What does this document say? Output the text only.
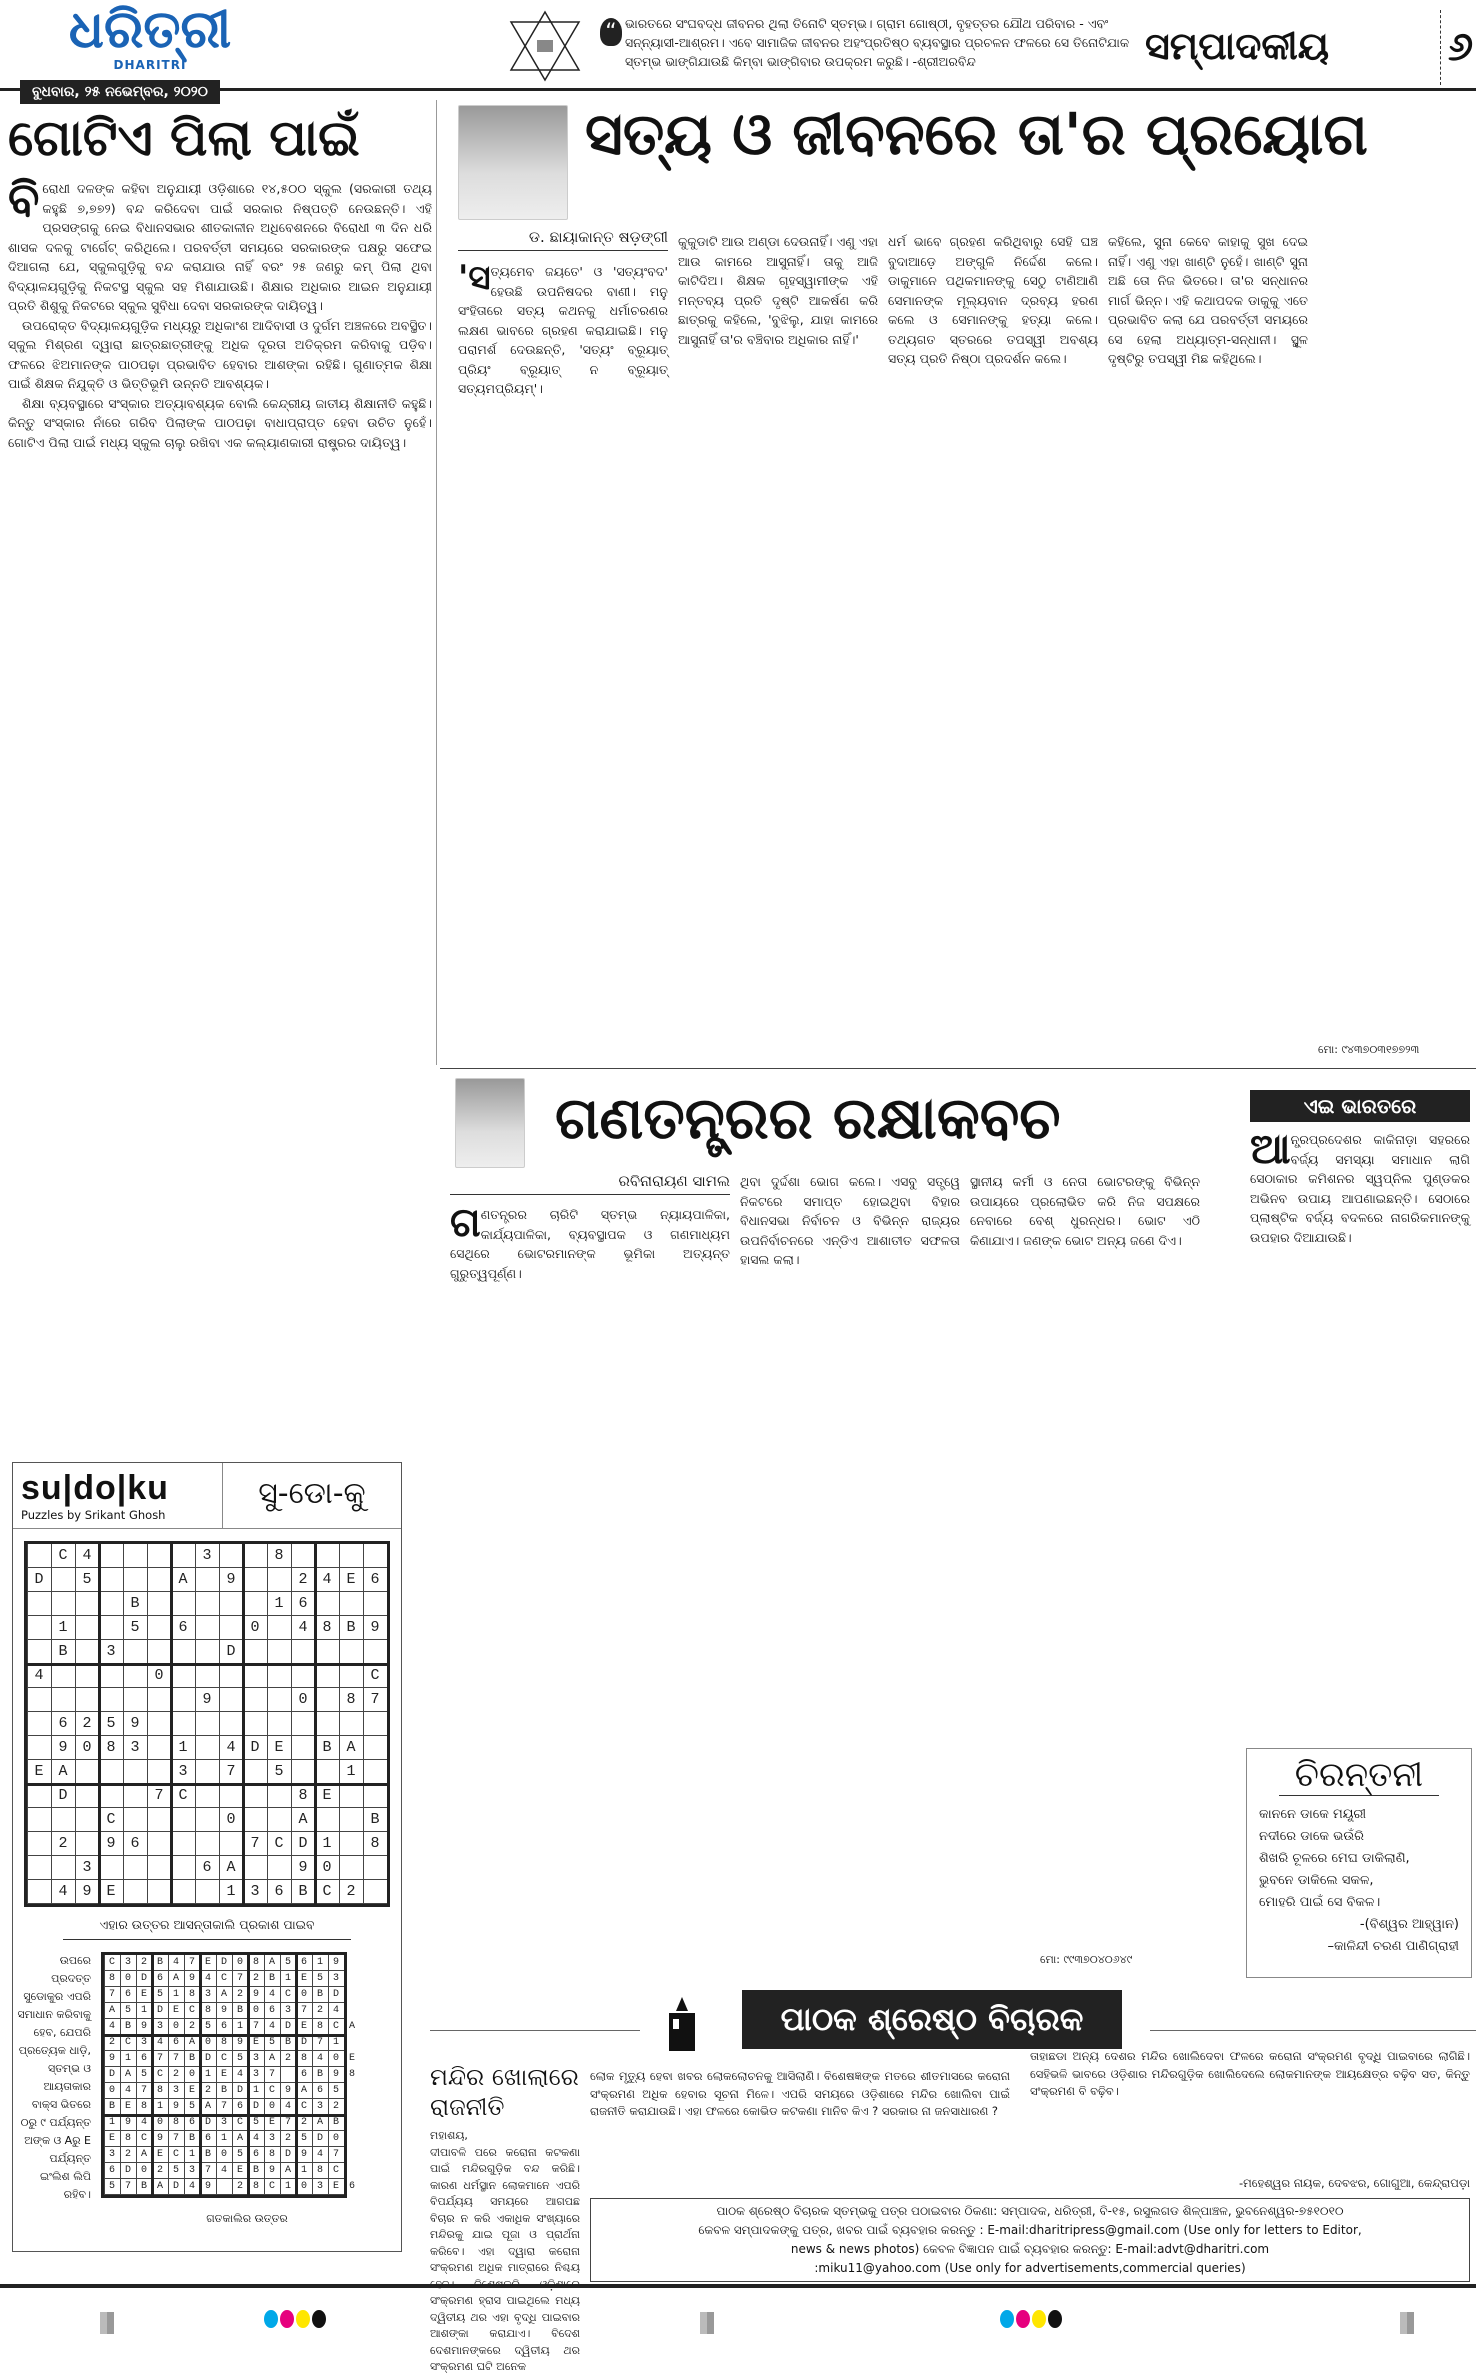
ଧରିତ୍ରୀ
DHARITRI
ବୁଧବାର, ୨୫ ନଭେମ୍ବର, ୨୦୨୦
“ ଭାରତରେ ସଂଘବଦ୍ଧ ଜୀବନର ଥିଲା ତିନୋଟି ସ୍ତମ୍ଭ। ଗ୍ରାମ ଗୋଷ୍ଠୀ, ବୃହତ୍ତର ଯୌଥ ପରିବାର - ଏବଂ ସନ୍ନ୍ୟାସୀ-ଆଶ୍ରମ। ଏବେ ସାମାଜିକ ଜୀବନର ଅହଂପ୍ରତିଷ୍ଠ ବ୍ୟବସ୍ଥାର ପ୍ରଚଳନ ଫଳରେ ସେ ତିନୋଟିଯାକ ସ୍ତମ୍ଭ ଭାଙ୍ଗିଯାଉଛି କିମ୍ବା ଭାଙ୍ଗିବାର ଉପକ୍ରମ କରୁଛି। -ଶ୍ରୀଅରବିନ୍ଦ	ସମ୍ପାଦକୀୟ	୬
ଗୋଟିଏ ପିଲା ପାଇଁ

ବିରୋଧୀ ଦଳଙ୍କ କହିବା ଅନୁଯାୟୀ ଓଡ଼ିଶାରେ ୧୪,୫୦୦ ସ୍କୁଲ (ସରକାରୀ ତଥ୍ୟ କହୁଛି ୭,୭୭୨) ବନ୍ଦ କରିଦେବା ପାଇଁ ସରକାର ନିଷ୍ପତ୍ତି ନେଉଛନ୍ତି। ଏହି ପ୍ରସଙ୍ଗକୁ ନେଇ ବିଧାନସଭାର ଶୀତକାଳୀନ ଅଧିବେଶନରେ ବିରୋଧୀ ୩ ଦିନ ଧରି ଶାସକ ଦଳକୁ ଟାର୍ଗେଟ୍ କରିଥିଲେ। ପରବର୍ତ୍ତୀ ସମୟରେ ସରକାରଙ୍କ ପକ୍ଷରୁ ସଫେଇ ଦିଆଗଲା ଯେ, ସ୍କୁଲଗୁଡ଼ିକୁ ବନ୍ଦ କରାଯାଉ ନାହିଁ ବରଂ ୨୫ ଜଣରୁ କମ୍ ପିଲା ଥିବା ବିଦ୍ୟାଳୟଗୁଡ଼ିକୁ ନିକଟସ୍ଥ ସ୍କୁଲ ସହ ମିଶାଯାଉଛି। ଶିକ୍ଷାର ଅଧିକାର ଆଇନ ଅନୁଯାୟୀ ପ୍ରତି ଶିଶୁକୁ ନିକଟରେ ସ୍କୁଲ ସୁବିଧା ଦେବା ସରକାରଙ୍କ ଦାୟିତ୍ୱ।

ଉପରୋକ୍ତ ବିଦ୍ୟାଳୟଗୁଡ଼ିକ ମଧ୍ୟରୁ ଅଧିକାଂଶ ଆଦିବାସୀ ଓ ଦୁର୍ଗମ ଅଞ୍ଚଳରେ ଅବସ୍ଥିତ। ସ୍କୁଲ ମିଶ୍ରଣ ଦ୍ୱାରା ଛାତ୍ରଛାତ୍ରୀଙ୍କୁ ଅଧିକ ଦୂରତା ଅତିକ୍ରମ କରିବାକୁ ପଡ଼ିବ। ଫଳରେ ଝିଅମାନଙ୍କ ପାଠପଢ଼ା ପ୍ରଭାବିତ ହେବାର ଆଶଙ୍କା ରହିଛି। ଗୁଣାତ୍ମକ ଶିକ୍ଷା ପାଇଁ ଶିକ୍ଷକ ନିଯୁକ୍ତି ଓ ଭିତ୍ତିଭୂମି ଉନ୍ନତି ଆବଶ୍ୟକ।

ଶିକ୍ଷା ବ୍ୟବସ୍ଥାରେ ସଂସ୍କାର ଅତ୍ୟାବଶ୍ୟକ ବୋଲି କେନ୍ଦ୍ରୀୟ ଜାତୀୟ ଶିକ୍ଷାନୀତି କହୁଛି। କିନ୍ତୁ ସଂସ୍କାର ନାଁରେ ଗରିବ ପିଲାଙ୍କ ପାଠପଢ଼ା ବାଧାପ୍ରାପ୍ତ ହେବା ଉଚିତ ନୁହେଁ। ଗୋଟିଏ ପିଲା ପାଇଁ ମଧ୍ୟ ସ୍କୁଲ ଚାଲୁ ରଖିବା ଏକ କଲ୍ୟାଣକାରୀ ରାଷ୍ଟ୍ରର ଦାୟିତ୍ୱ।

ସତ୍ୟ ଓ ଜୀବନରେ ତା'ର ପ୍ରୟୋଗ
ଡ. ଛାୟାକାନ୍ତ ଷଡ଼ଙ୍ଗୀ

'ସତ୍ୟମେବ ଜୟତେ' ଓ 'ସତ୍ୟଂବଦ' ହେଉଛି ଉପନିଷଦର ବାଣୀ। ମନୁ ସଂହିତାରେ ସତ୍ୟ କଥନକୁ ଧର୍ମାଚରଣର ଲକ୍ଷଣ ଭାବରେ ଗ୍ରହଣ କରାଯାଇଛି। ମନୁ ପରାମର୍ଶ ଦେଉଛନ୍ତି, 'ସତ୍ୟଂ ବ୍ରୂୟାତ୍ ପ୍ରିୟଂ ବ୍ରୂୟାତ୍ ନ ବ୍ରୂୟାତ୍ ସତ୍ୟମପ୍ରିୟମ୍'।

କୁକୁଡାଟି ଆଉ ଅଣ୍ଡା ଦେଉନାହିଁ। ଏଣୁ ଏହା ଆଉ କାମରେ ଆସୁନାହିଁ। ତାକୁ ଆଜି କାଟିଦିଅ। ଶିକ୍ଷକ ଗୃହସ୍ୱାମୀଙ୍କ ଏହି ମନ୍ତବ୍ୟ ପ୍ରତି ଦୃଷ୍ଟି ଆକର୍ଷଣ କରି ଛାତ୍ରକୁ କହିଲେ, 'ବୁଝିଲୁ, ଯାହା କାମରେ ଆସୁନାହିଁ ତା'ର ବଞ୍ଚିବାର ଅଧିକାର ନାହିଁ।'
ଧର୍ମ ଭାବେ ଗ୍ରହଣ କରିଥିବାରୁ ସେହି ଘଞ୍ଚ ବୁଦାଆଡ଼େ ଅଙ୍ଗୁଳି ନିର୍ଦ୍ଦେଶ କଲେ। ଡାକୁମାନେ ପଥିକମାନଙ୍କୁ ସେଠୁ ଟାଣିଆଣି ସେମାନଙ୍କ ମୂଲ୍ୟବାନ ଦ୍ରବ୍ୟ ହରଣ କଲେ ଓ ସେମାନଙ୍କୁ ହତ୍ୟା କଲେ। ତଥ୍ୟଗତ ସ୍ତରରେ ତପସ୍ୱୀ ଅବଶ୍ୟ ସତ୍ୟ ପ୍ରତି ନିଷ୍ଠା ପ୍ରଦର୍ଶନ କଲେ।
କହିଲେ, ସୁନା କେବେ କାହାକୁ ସୁଖ ଦେଇ ନାହିଁ। ଏଣୁ ଏହା ଖାଣ୍ଟି ନୁହେଁ। ଖାଣ୍ଟି ସୁନା ଅଛି ତୋ ନିଜ ଭିତରେ। ତା'ର ସନ୍ଧାନର ମାର୍ଗ ଭିନ୍ନ। ଏହି କଥାପଦକ ଡାକୁକୁ ଏତେ ପ୍ରଭାବିତ କଲା ଯେ ପରବର୍ତ୍ତୀ ସମୟରେ ସେ ହେଲା ଅଧ୍ୟାତ୍ମ-ସନ୍ଧାନୀ। ସ୍ଥୂଳ ଦୃଷ୍ଟିରୁ ତପସ୍ୱୀ ମିଛ କହିଥିଲେ।
ମୋ: ୯୪୩୭୦୩୧୭୭୨୩
ଗଣତନ୍ତ୍ରର ରକ୍ଷାକବଚ
ରବିନାରାୟଣ ସାମଲ

ଗଣତନ୍ତ୍ରର ଚାରିଟି ସ୍ତମ୍ଭ ନ୍ୟାୟପାଳିକା, କାର୍ଯ୍ୟପାଳିକା, ବ୍ୟବସ୍ଥାପକ ଓ ଗଣମାଧ୍ୟମ ସେଥିରେ ଭୋଟରମାନଙ୍କ ଭୂମିକା ଅତ୍ୟନ୍ତ ଗୁରୁତ୍ୱପୂର୍ଣ୍ଣ।

ଥିବା ଦୁର୍ଦ୍ଦଶା ଭୋଗ କଲେ। ଏସବୁ ସତ୍ତ୍ୱେ ନିକଟରେ ସମାପ୍ତ ହୋଇଥିବା ବିହାର ବିଧାନସଭା ନିର୍ବାଚନ ଓ ବିଭିନ୍ନ ରାଜ୍ୟର ଉପନିର୍ବାଚନରେ ଏନ୍‌ଡିଏ ଆଶାତୀତ ସଫଳତା ହାସଲ କଲା।
ସ୍ଥାନୀୟ କର୍ମୀ ଓ ନେତା ଭୋଟରଙ୍କୁ ବିଭିନ୍ନ ଉପାୟରେ ପ୍ରଲୋଭିତ କରି ନିଜ ସପକ୍ଷରେ ନେବାରେ ବେଶ୍ ଧୁରନ୍ଧର। ଭୋଟ ଏଠି କିଣାଯାଏ। ଜଣଙ୍କ ଭୋଟ ଅନ୍ୟ ଜଣେ ଦିଏ।
ମୋ: ୯୯୩୭୦୪୦୬୪୯
ଏଇ ଭାରତରେ
ଆନ୍ଧ୍ରପ୍ରଦେଶର କାକିନାଡ଼ା ସହରରେ ବର୍ଜ୍ୟ ସମସ୍ୟା ସମାଧାନ ଲାଗି ସେଠାକାର କମିଶନର ସ୍ୱପ୍ନିଲ ପୁଣ୍ଡକର ଅଭିନବ ଉପାୟ ଆପଣାଇଛନ୍ତି। ସେଠାରେ ପ୍ଲାଷ୍ଟିକ ବର୍ଜ୍ୟ ବଦଳରେ ନାଗରିକମାନଙ୍କୁ ଉପହାର ଦିଆଯାଉଛି।
ଚିରନ୍ତନୀ
କାନନେ ଡାକେ ମୟୂରୀ
ନଦୀରେ ଡାକେ ଭଉଁରି
ଶିଖରି ଚୂଳରେ ମେଘ ଡାକିଲାଣି,
ଭୁବନେ ଡାକିଲେ ସକଳ,
ମୋହରି ପାଇଁ ସେ ବିକଳ।
-(ବିଶ୍ୱର ଆହ୍ୱାନ)
–କାଳିନ୍ଦୀ ଚରଣ ପାଣିଗ୍ରାହୀ
su|do|ku
Puzzles by Srikant Ghosh
ସୁ-ଡୋ-କୁ
C4    3  8
D 5   A 9  24E6
B     16
1  5 6  0 48B9
B 3    D
4    0        C
9   0 87
6259
9083 1 4DE BA
EA    3 7 5  1
D   7C    8E
C    0  A  B
2 96    7CD1 8
3    6A  90
49E    136BC2
ଏହାର ଉତ୍ତର ଆସନ୍ତାକାଲି ପ୍ରକାଶ ପାଇବ
ଉପରେ ପ୍ରଦତ୍ତ ସୁଡୋକୁର ଏପରି ସମାଧାନ କରିବାକୁ ହେବ, ଯେପରି ପ୍ରତ୍ୟେକ ଧାଡ଼ି, ସ୍ତମ୍ଭ ଓ ଆୟତାକାର ବାକ୍ସ ଭିତରେ ୦ରୁ ୯ ପର୍ଯ୍ୟନ୍ତ ଅଙ୍କ ଓ Aରୁ E ପର୍ଯ୍ୟନ୍ତ ଇଂଲିଶ ଲିପି ରହିବ।
C32B47ED08A5619
80D6A94C72B1E53
76E5183A294C0BD
A51DEC89B063724
4B930256174DE8CA
2C346A089E5BD71
91677BDC53A2840E
DA5C201E437 6B98
04783E2BD1C9A65
BE8195A76D04C32
194086D3C5E72AB
E8C97B61A4325D0
32AEC1B0568D947
6D025374EB9A18C
57BAD49 28C103E6
ଗତକାଲିର ଉତ୍ତର
ପାଠକ ଶ୍ରେଷ୍ଠ ବିଚାରକ
ମନ୍ଦିର ଖୋଲାରେ ରାଜନୀତି
ମହାଶୟ,
ଦୀପାବଳି ପରେ କରୋନା କଟକଣା ପାଇଁ ମନ୍ଦିରଗୁଡ଼ିକ ବନ୍ଦ କରିଛି। କାରଣ ଧର୍ମସ୍ଥାନ ଲୋକମାନେ ଏପରି ବିପର୍ଯ୍ୟୟ ସମୟରେ ଆଗପଛ ବିଚାର ନ କରି ଏକାଧିକ ସଂଖ୍ୟାରେ ମନ୍ଦିରକୁ ଯାଇ ପୂଜା ଓ ପ୍ରାର୍ଥନା କରିବେ। ଏହା ଦ୍ୱାରା କରୋନା ସଂକ୍ରମଣ ଅଧିକ ମାତ୍ରାରେ ନିଶ୍ଚୟ ସଂକ୍ରମଣ ହ୍ରାସ ପାଇଥିଲେ ମଧ୍ୟ ଦ୍ୱିତୀୟ ଥର ଏହା ବୃଦ୍ଧି ପାଇବାର ଆଶଙ୍କା କରାଯାଏ। ବିଦେଶ ଦେଶମାନଙ୍କରେ ଦ୍ୱିତୀୟ ଥର ସଂକ୍ରମଣ ଘଟି ଅନେକ
ଲୋକ ମୃତ୍ୟୁ ହେବା ଖବର ଲୋକଲୋଚନକୁ ଆସିଲାଣି। ବିଶେଷଜ୍ଞଙ୍କ ମତରେ ଶୀତମାସରେ କରୋନା ସଂକ୍ରମଣ ଅଧିକ ହେବାର ସୂଚନା ମିଳେ। ଏପରି ସମୟରେ ଓଡ଼ିଶାରେ ମନ୍ଦିର ଖୋଲିବା ପାଇଁ ରାଜନୀତି କରାଯାଉଛି। ଏହା ଫଳରେ କୋଭିଡ କଟକଣା ମାନିବ କିଏ ? ସରକାର ନା ଜନସାଧାରଣ ?
ତାହାଛଡା ଅନ୍ୟ ଦେଶର ମନ୍ଦିର ଖୋଲିଦେବା ଫଳରେ କରୋନା ସଂକ୍ରମଣ ବୃଦ୍ଧି ପାଇବାରେ ଲାଗିଛି। ସେହିଭଳି ଭାବରେ ଓଡ଼ିଶାର ମନ୍ଦିରଗୁଡ଼ିକ ଖୋଲିଦେଲେ ଲୋକମାନଙ୍କ ଆୟକ୍ଷେତ୍ର ବଢ଼ିବ ସତ, କିନ୍ତୁ ସଂକ୍ରମଣ ବି ବଢ଼ିବ।
-ମହେଶ୍ୱର ନାୟକ, ଦେବଝର, ଗୋଗୁଆ, କେନ୍ଦ୍ରାପଡ଼ା
ପାଠକ ଶ୍ରେଷ୍ଠ ବିଚାରକ ସ୍ତମ୍ଭକୁ ପତ୍ର ପଠାଇବାର ଠିକଣା: ସମ୍ପାଦକ, ଧରିତ୍ରୀ, ବି-୧୫, ରସୁଲଗଡ ଶିଳ୍ପାଞ୍ଚଳ, ଭୁବନେଶ୍ୱର-୭୫୧୦୧୦
କେବଳ ସମ୍ପାଦକଙ୍କୁ ପତ୍ର, ଖବର ପାଇଁ ବ୍ୟବହାର କରନ୍ତୁ : E-mail:dharitripress@gmail.com (Use only for letters to Editor,
news & news photos) କେବଳ ବିଜ୍ଞାପନ ପାଇଁ ବ୍ୟବହାର କରନ୍ତୁ: E-mail:advt@dharitri.com
:miku11@yahoo.com (Use only for advertisements,commercial queries)
